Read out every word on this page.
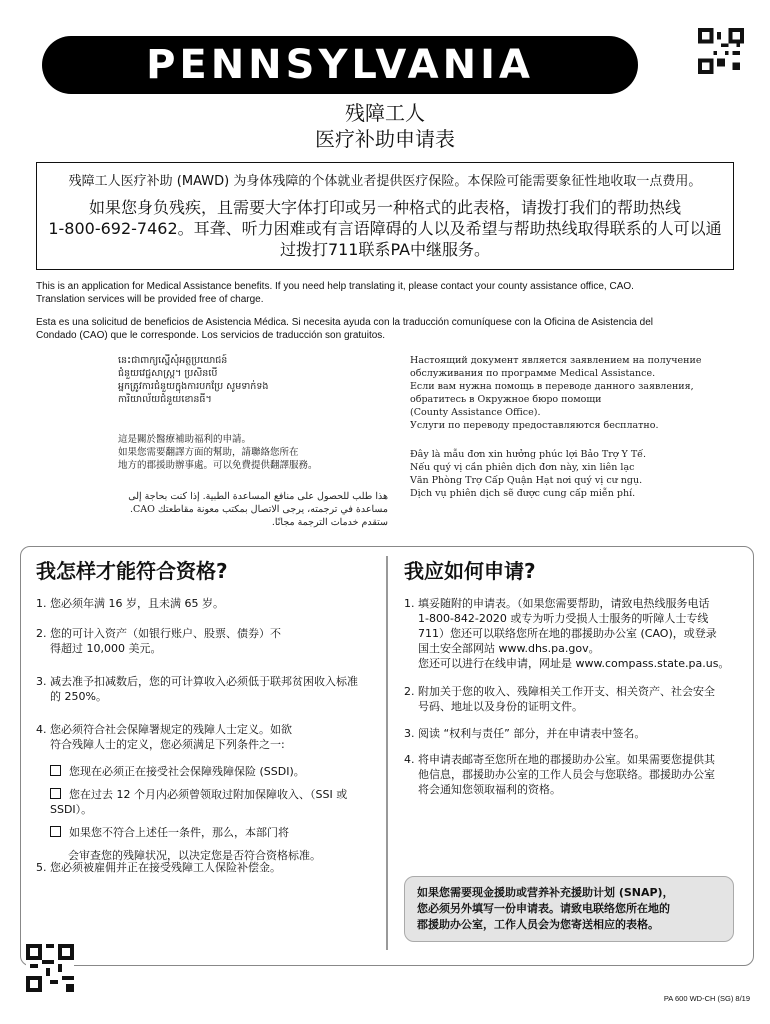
PENNSYLVANIA
残障工人
医疗补助申请表
残障工人医疗补助 (MAWD) 为身体残障的个体就业者提供医疗保险。本保险可能需要象征性地收取一点费用。
如果您身负残疾，且需要大字体打印或另一种格式的此表格，请拨打我们的帮助热线
1-800-692-7462。耳聋、听力困难或有言语障碍的人以及希望与帮助热线取得联系的人可以通
过拨打711联系PA中继服务。
This is an application for Medical Assistance benefits. If you need help translating it, please contact your county assistance office, CAO.
Translation services will be provided free of charge.
Esta es una solicitud de beneficios de Asistencia Médica. Si necesita ayuda con la traducción comuníquese con la Oficina de Asistencia del
Condado (CAO) que le corresponde. Los servicios de traducción son gratuitos.
នេះជាពាក្យស្នើសុំអត្ថប្រយោជន៍
ជំនួយវេជ្ជសាស្ត្រ។ ប្រសិនបើ
អ្នកត្រូវការជំនួយក្នុងការបកប្រែ សូមទាក់ទង
ការិយាល័យជំនួយខោនធី។
這是關於醫療補助福利的申請。
如果您需要翻譯方面的幫助，請聯絡您所在
地方的郡援助辦事處。可以免費提供翻譯服務。
هذا طلب للحصول على منافع المساعدة الطبية. إذا كنت بحاجة إلى
مساعدة في ترجمته، يرجى الاتصال بمكتب معونة مقاطعتك CAO.
ستقدم خدمات الترجمة مجانًا.
Настоящий документ является заявлением на получение
обслуживания по программе Medical Assistance.
Если вам нужна помощь в переводе данного заявления,
обратитесь в Окружное бюро помощи
(County Assistance Office).
Услуги по переводу предоставляются бесплатно.
Đây là mẫu đơn xin hưởng phúc lợi Bảo Trợ Y Tế.
Nếu quý vị cần phiên dịch đơn này, xin liên lạc
Văn Phòng Trợ Cấp Quận Hạt nơi quý vị cư ngụ.
Dịch vụ phiên dịch sẽ được cung cấp miễn phí.
我怎样才能符合资格?
1. 您必须年满 16 岁，且未满 65 岁。
2. 您的可计入资产（如银行账户、股票、债券）不
得超过 10,000 美元。
3. 减去准予扣减数后，您的可计算收入必须低于联邦贫困收入标准
的 250%。
4. 您必须符合社会保障署规定的残障人士定义。如欲
符合残障人士的定义，您必须满足下列条件之一:
您现在必须正在接受社会保障残障保险 (SSDI)。
您在过去 12 个月内必须曾领取过附加保障收入、（SSI 或 SSDI）。
如果您不符合上述任一条件，那么，本部门将
会审查您的残障状况，以决定您是否符合资格标准。
5. 您必须被雇佣并正在接受残障工人保险补偿金。
我应如何申请?
1. 填妥随附的申请表。（如果您需要帮助，请致电热线服务电话
1-800-842-2020 或专为听力受损人士服务的听障人士专线
711）您还可以联络您所在地的郡援助办公室 (CAO)，或登录
国土安全部网站 www.dhs.pa.gov。
您还可以进行在线申请，网址是 www.compass.state.pa.us。
2. 附加关于您的收入、残障相关工作开支、相关资产、社会安全
号码、地址以及身份的证明文件。
3. 阅读 “权利与责任” 部分，并在申请表中签名。
4. 将申请表邮寄至您所在地的郡援助办公室。如果需要您提供其
他信息，郡援助办公室的工作人员会与您联络。郡援助办公室
将会通知您领取福利的资格。
如果您需要现金援助或营养补充援助计划 (SNAP)，
您必须另外填写一份申请表。请致电联络您所在地的
郡援助办公室，工作人员会为您寄送相应的表格。
PA 600 WD-CH (SG) 8/19
